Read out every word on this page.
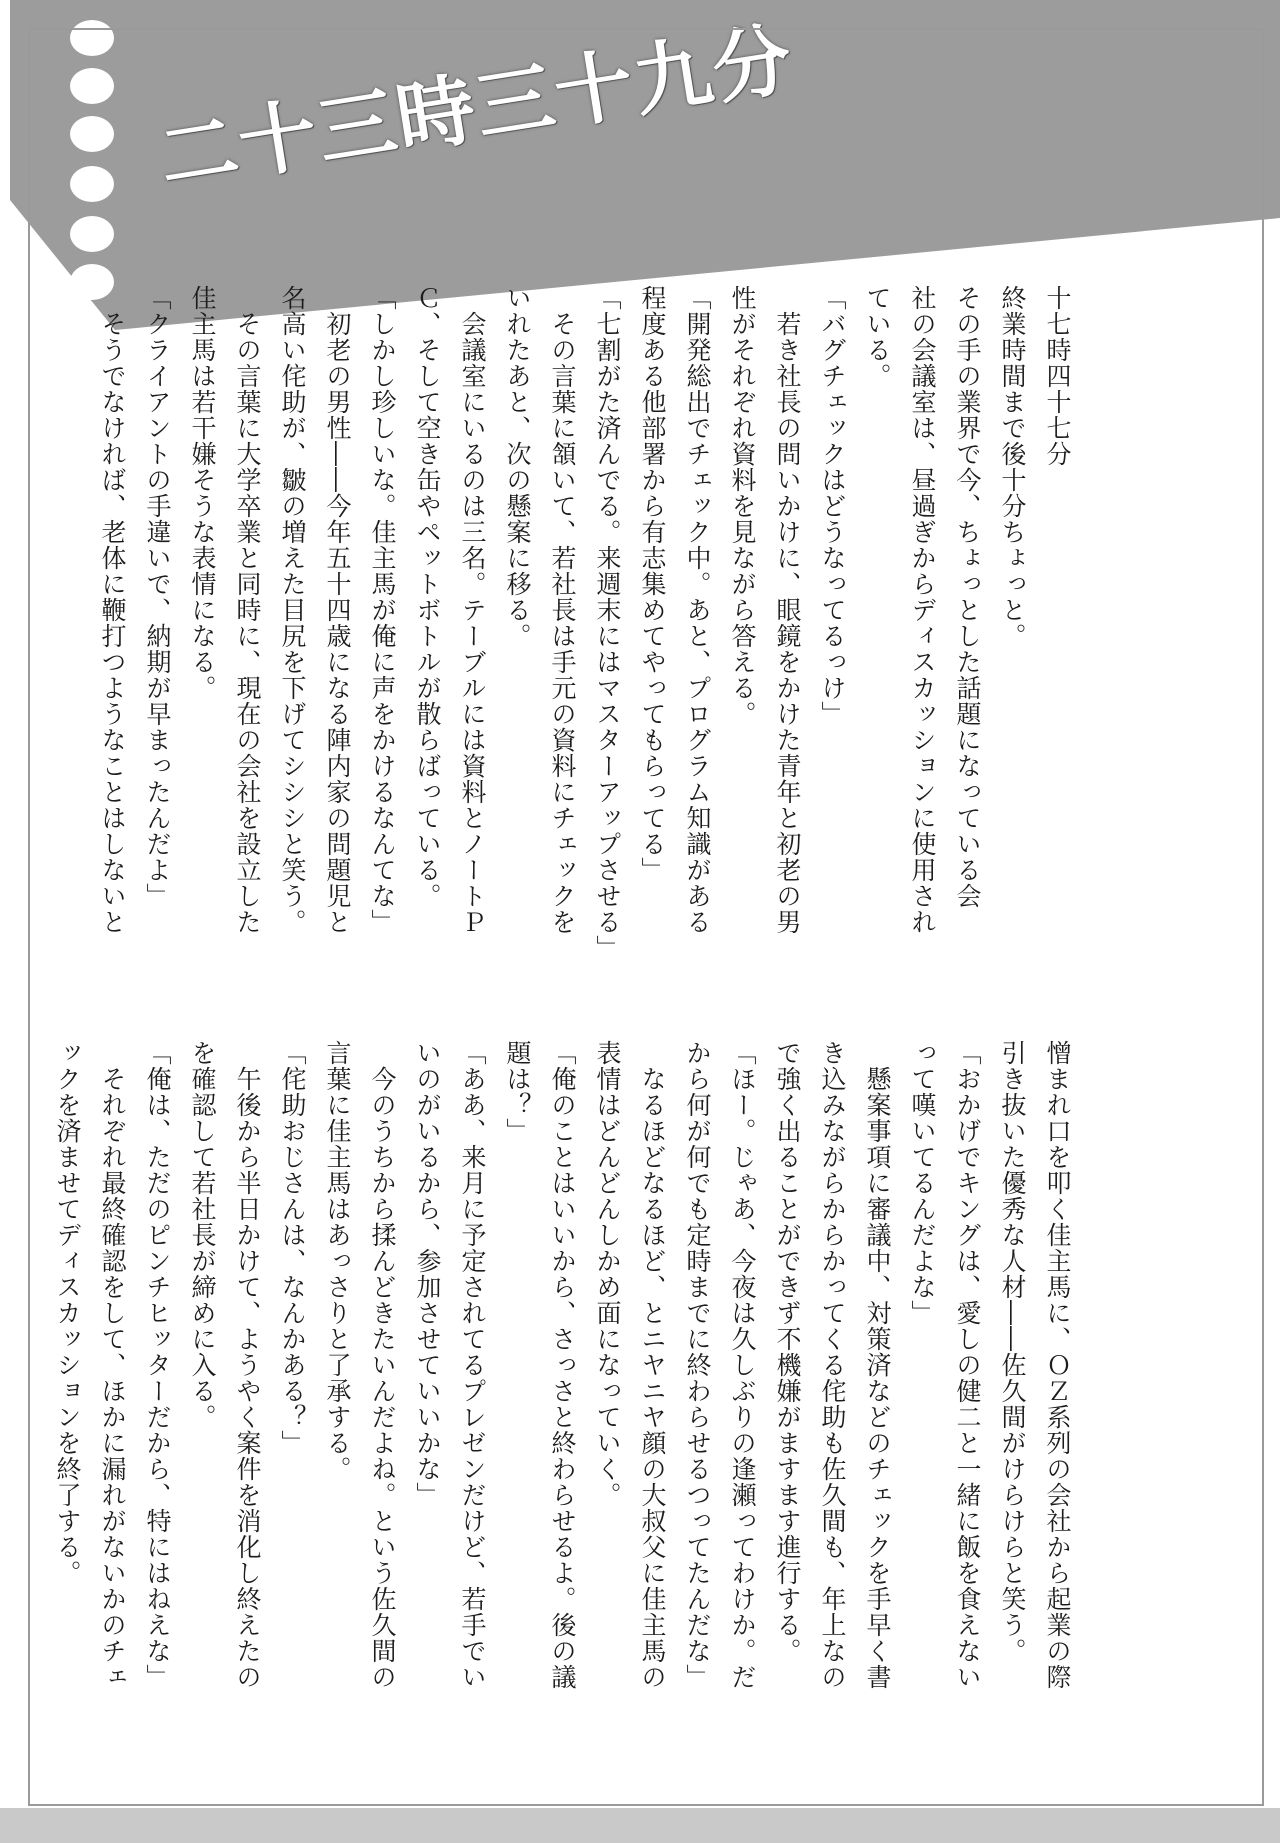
二十三時三十九分
十七時四十七分
終業時間まで後十分ちょっと。
その手の業界で今、ちょっとした話題になっている会
社の会議室は、昼過ぎからディスカッションに使用され
ている。
「バグチェックはどうなってるっけ」
　若き社長の問いかけに、眼鏡をかけた青年と初老の男
性がそれぞれ資料を見ながら答える。
「開発総出でチェック中。あと、プログラム知識がある
程度ある他部署から有志集めてやってもらってる」
「七割がた済んでる。来週末にはマスターアップさせる」
　その言葉に頷いて、若社長は手元の資料にチェックを
いれたあと、次の懸案に移る。
　会議室にいるのは三名。テーブルには資料とノートＰ
Ｃ、そして空き缶やペットボトルが散らばっている。
「しかし珍しいな。佳主馬が俺に声をかけるなんてな」
　初老の男性――今年五十四歳になる陣内家の問題児と
名高い侘助が、皺の増えた目尻を下げてシシシと笑う。
　その言葉に大学卒業と同時に、現在の会社を設立した
佳主馬は若干嫌そうな表情になる。
「クライアントの手違いで、納期が早まったんだよ」
　そうでなければ、老体に鞭打つようなことはしないと
憎まれ口を叩く佳主馬に、ＯＺ系列の会社から起業の際
引き抜いた優秀な人材――佐久間がけらけらと笑う。
「おかげでキングは、愛しの健二と一緒に飯を食えない
って嘆いてるんだよな」
　懸案事項に審議中、対策済などのチェックを手早く書
き込みながらからかってくる侘助も佐久間も、年上なの
で強く出ることができず不機嫌がますます進行する。
「ほー。じゃあ、今夜は久しぶりの逢瀬ってわけか。だ
から何が何でも定時までに終わらせるつってたんだな」
　なるほどなるほど、とニヤニヤ顔の大叔父に佳主馬の
表情はどんどんしかめ面になっていく。
「俺のことはいいから、さっさと終わらせるよ。後の議
題は？」
「ああ、来月に予定されてるプレゼンだけど、若手でい
いのがいるから、参加させていいかな」
　今のうちから揉んどきたいんだよね。という佐久間の
言葉に佳主馬はあっさりと了承する。
「侘助おじさんは、なんかある？」
　午後から半日かけて、ようやく案件を消化し終えたの
を確認して若社長が締めに入る。
「俺は、ただのピンチヒッターだから、特にはねえな」
　それぞれ最終確認をして、ほかに漏れがないかのチェ
ックを済ませてディスカッションを終了する。
